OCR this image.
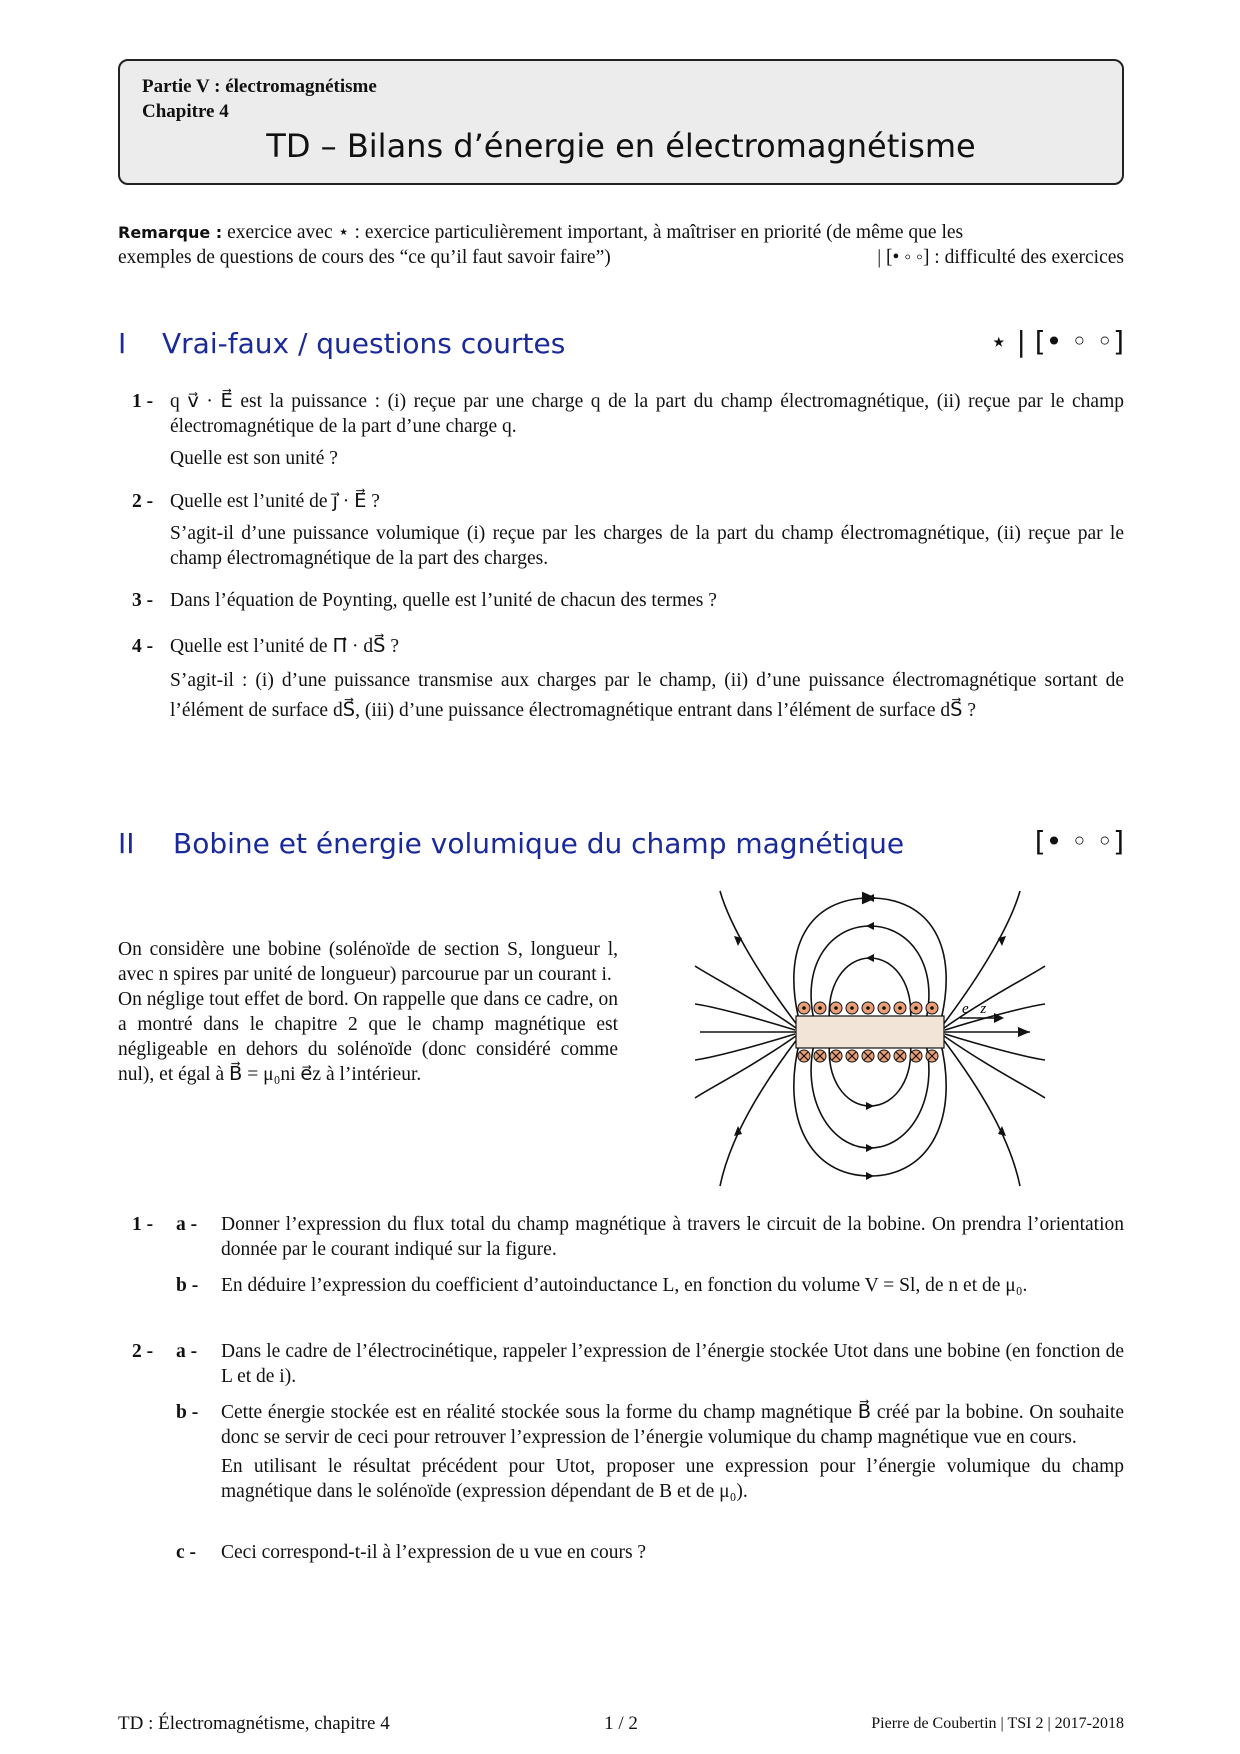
Partie V : électromagnétisme
Chapitre 4
TD – Bilans d’énergie en électromagnétisme
Remarque : exercice avec ⋆ : exercice particulièrement important, à maîtriser en priorité (de même que les
exemples de questions de cours des “ce qu’il faut savoir faire”)	| [• ◦ ◦] : difficulté des exercices
I Vrai-faux / questions courtes	⋆ | [• ◦ ◦]
1 - q v⃗ · E⃗ est la puissance : (i) reçue par une charge q de la part du champ électromagnétique, (ii) reçue par le champ électromagnétique de la part d’une charge q.

Quelle est son unité ?

2 - Quelle est l’unité de j⃗ · E⃗ ?

S’agit-il d’une puissance volumique (i) reçue par les charges de la part du champ électromagnétique, (ii) reçue par le champ électromagnétique de la part des charges.

3 - Dans l’équation de Poynting, quelle est l’unité de chacun des termes ?

4 - Quelle est l’unité de Π⃗ · dS⃗ ?

S’agit-il : (i) d’une puissance transmise aux charges par le champ, (ii) d’une puissance électromagnétique sortant de l’élément de surface dS⃗, (iii) d’une puissance électromagnétique entrant dans l’élément de surface dS⃗ ?

II Bobine et énergie volumique du champ magnétique	[• ◦ ◦]
On considère une bobine (solénoïde de section S, longueur l, avec n spires par unité de longueur) parcourue par un courant i.
On néglige tout effet de bord. On rappelle que dans ce cadre, on a montré dans le chapitre 2 que le champ magnétique est négligeable en dehors du solénoïde (donc considéré comme nul), et égal à B⃗ = μ₀ni e⃗z à l’intérieur.
e⃗z
1 - a - Donner l’expression du flux total du champ magnétique à travers le circuit de la bobine. On prendra l’orientation donnée par le courant indiqué sur la figure.

b - En déduire l’expression du coefficient d’autoinductance L, en fonction du volume V = Sl, de n et de μ₀.

2 - a - Dans le cadre de l’électrocinétique, rappeler l’expression de l’énergie stockée Utot dans une bobine (en fonction de L et de i).

b - Cette énergie stockée est en réalité stockée sous la forme du champ magnétique B⃗ créé par la bobine. On souhaite donc se servir de ceci pour retrouver l’expression de l’énergie volumique du champ magnétique vue en cours.

En utilisant le résultat précédent pour Utot, proposer une expression pour l’énergie volumique du champ magnétique dans le solénoïde (expression dépendant de B et de μ₀).

c - Ceci correspond-t-il à l’expression de u vue en cours ?

TD : Électromagnétisme, chapitre 4	1 / 2	Pierre de Coubertin | TSI 2 | 2017-2018
